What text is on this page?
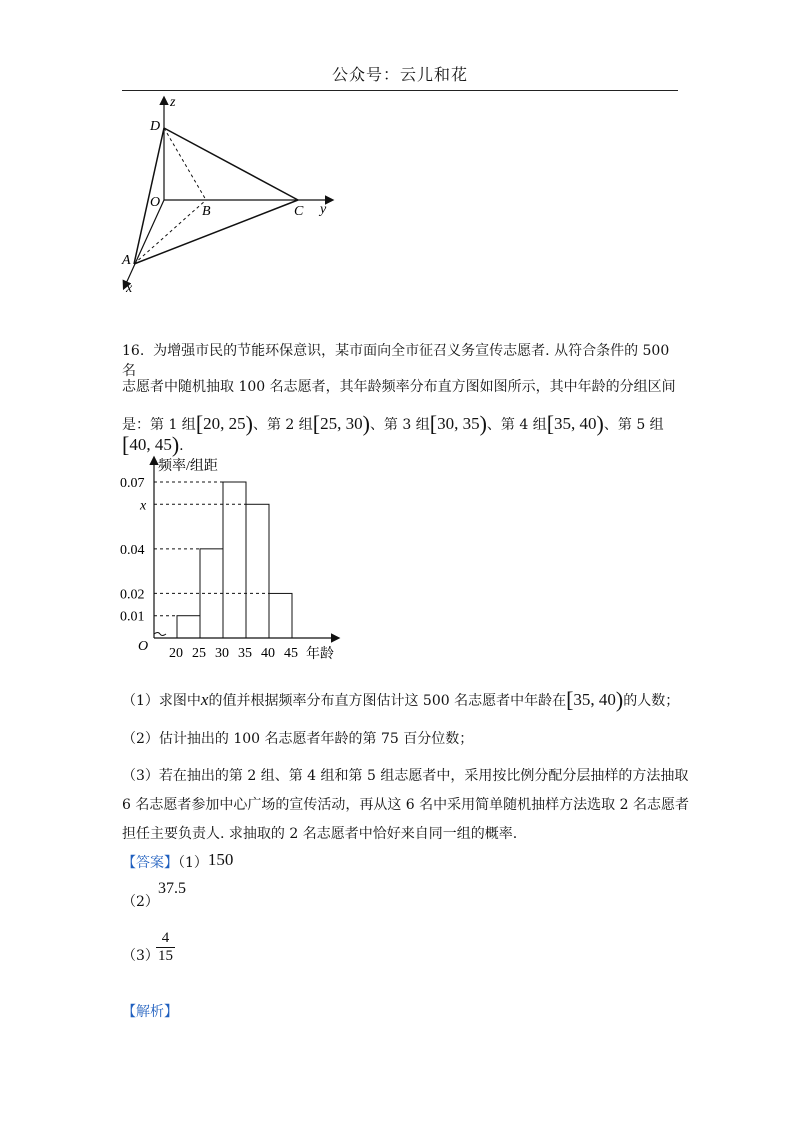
公众号：云儿和花
z
D
O
B	C y
A
x
16. 为增强市民的节能环保意识，某市面向全市征召义务宣传志愿者. 从符合条件的 500 名
志愿者中随机抽取 100 名志愿者，其年龄频率分布直方图如图所示，其中年龄的分组区间
是：第 1 组[20, 25)、第 2 组[25, 30)、第 3 组[30, 35)、第 4 组[35, 40)、第 5 组[40, 45).
0.01
0.02
0.04
x
0.07
20 25 30 35 40 45
频率/组距
年龄
O
（1）求图中x的值并根据频率分布直方图估计这 500 名志愿者中年龄在[35, 40)的人数；
（2）估计抽出的 100 名志愿者年龄的第 75 百分位数；
（3）若在抽出的第 2 组、第 4 组和第 5 组志愿者中，采用按比例分配分层抽样的方法抽取
6 名志愿者参加中心广场的宣传活动，再从这 6 名中采用简单随机抽样方法选取 2 名志愿者
担任主要负责人. 求抽取的 2 名志愿者中恰好来自同一组的概率.
【答案】（1）150
37.5
（2）
（3）
$\frac{4}{15}$
【解析】
